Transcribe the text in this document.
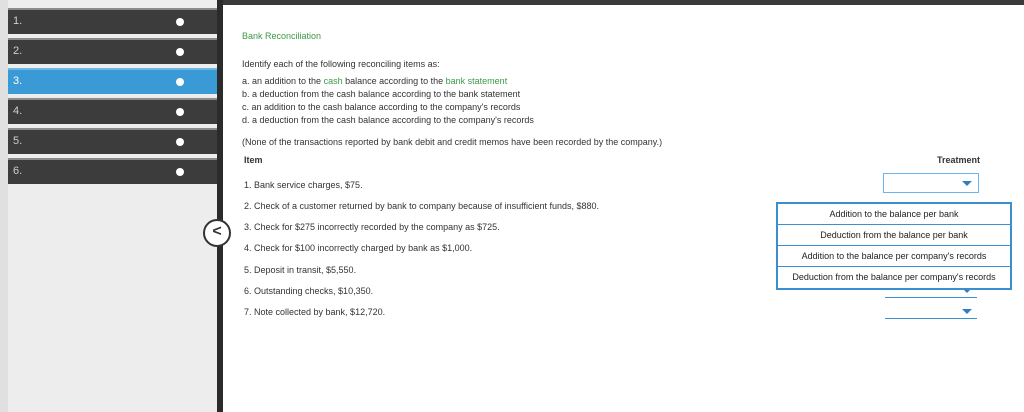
1.
2.
3.
4.
5.
6.
Bank Reconciliation
Identify each of the following reconciling items as:
a. an addition to the cash balance according to the bank statement
b. a deduction from the cash balance according to the bank statement
c. an addition to the cash balance according to the company's records
d. a deduction from the cash balance according to the company's records
(None of the transactions reported by bank debit and credit memos have been recorded by the company.)
Item	Treatment
1. Bank service charges, $75.
2. Check of a customer returned by bank to company because of insufficient funds, $880.
3. Check for $275 incorrectly recorded by the company as $725.
4. Check for $100 incorrectly charged by bank as $1,000.
5. Deposit in transit, $5,550.
6. Outstanding checks, $10,350.
7. Note collected by bank, $12,720.
Addition to the balance per bank
Deduction from the balance per bank
Addition to the balance per company's records
Deduction from the balance per company's records
<
